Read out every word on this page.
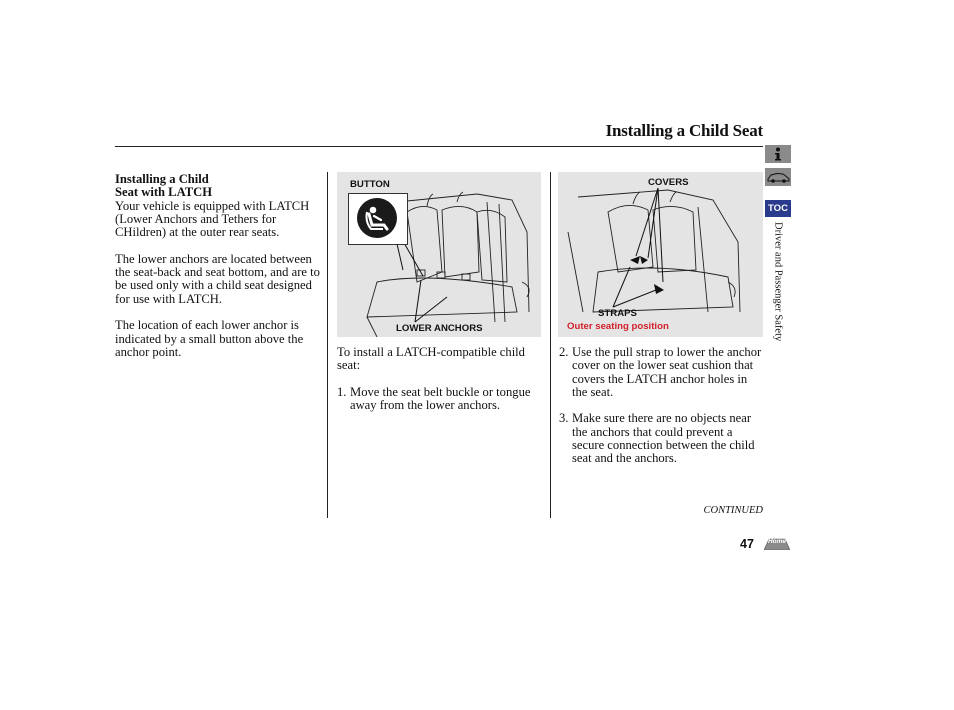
Installing a Child Seat
Installing a Child
Seat with LATCH

Your vehicle is equipped with LATCH (Lower Anchors and Tethers for CHildren) at the outer rear seats.

The lower anchors are located between the seat-back and seat bottom, and are to be used only with a child seat designed for use with LATCH.

The location of each lower anchor is indicated by a small button above the anchor point.

BUTTON
LOWER ANCHORS
COVERS
STRAPS
Outer seating position

To install a LATCH-compatible child seat:

1. Move the seat belt buckle or tongue away from the lower anchors.
2. Use the pull strap to lower the anchor cover on the lower seat cushion that covers the LATCH anchor holes in the seat.
3. Make sure there are no objects near the anchors that could prevent a secure connection between the child seat and the anchors.
TOC
Driver and Passenger Safety
CONTINUED
47	Home
